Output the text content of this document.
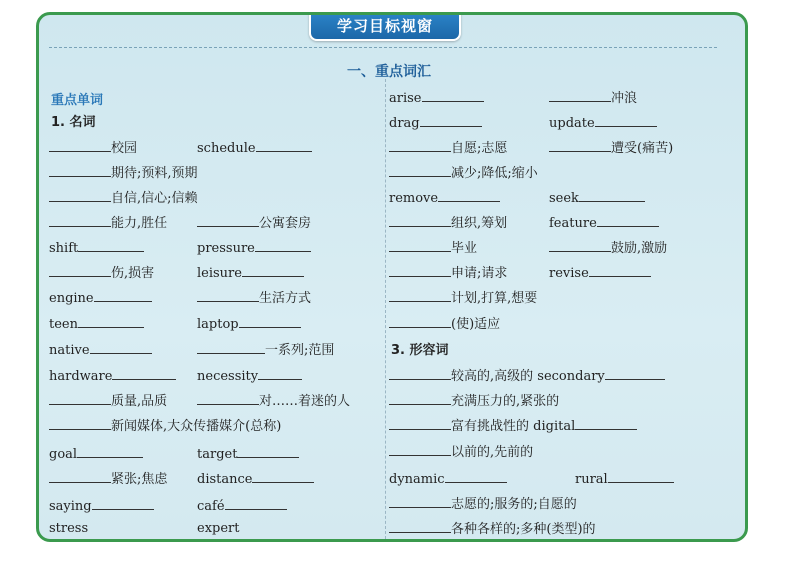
学习目标视窗
一、重点词汇
重点单词
1. 名词
校园	schedule
期待;预料,预期
自信,信心;信赖
能力,胜任	公寓套房
shift	pressure
伤,损害	leisure
engine	生活方式
teen	laptop
native	一系列;范围
hardware	necessity
质量,品质	对……着迷的人
新闻媒体,大众传播媒介(总称)
goal	target
紧张;焦虑 distance
saying	café
stress	expert
arise	冲浪
drag	update
自愿;志愿	遭受(痛苦)
减少;降低;缩小
remove	seek
组织,筹划	feature
毕业	鼓励,激励
申请;请求	revise
计划,打算,想要
(使)适应
3. 形容词
较高的,高级的 secondary
充满压力的,紧张的
富有挑战性的 digital
以前的,先前的
dynamic	rural
志愿的;服务的;自愿的
各种各样的;多种(类型)的
